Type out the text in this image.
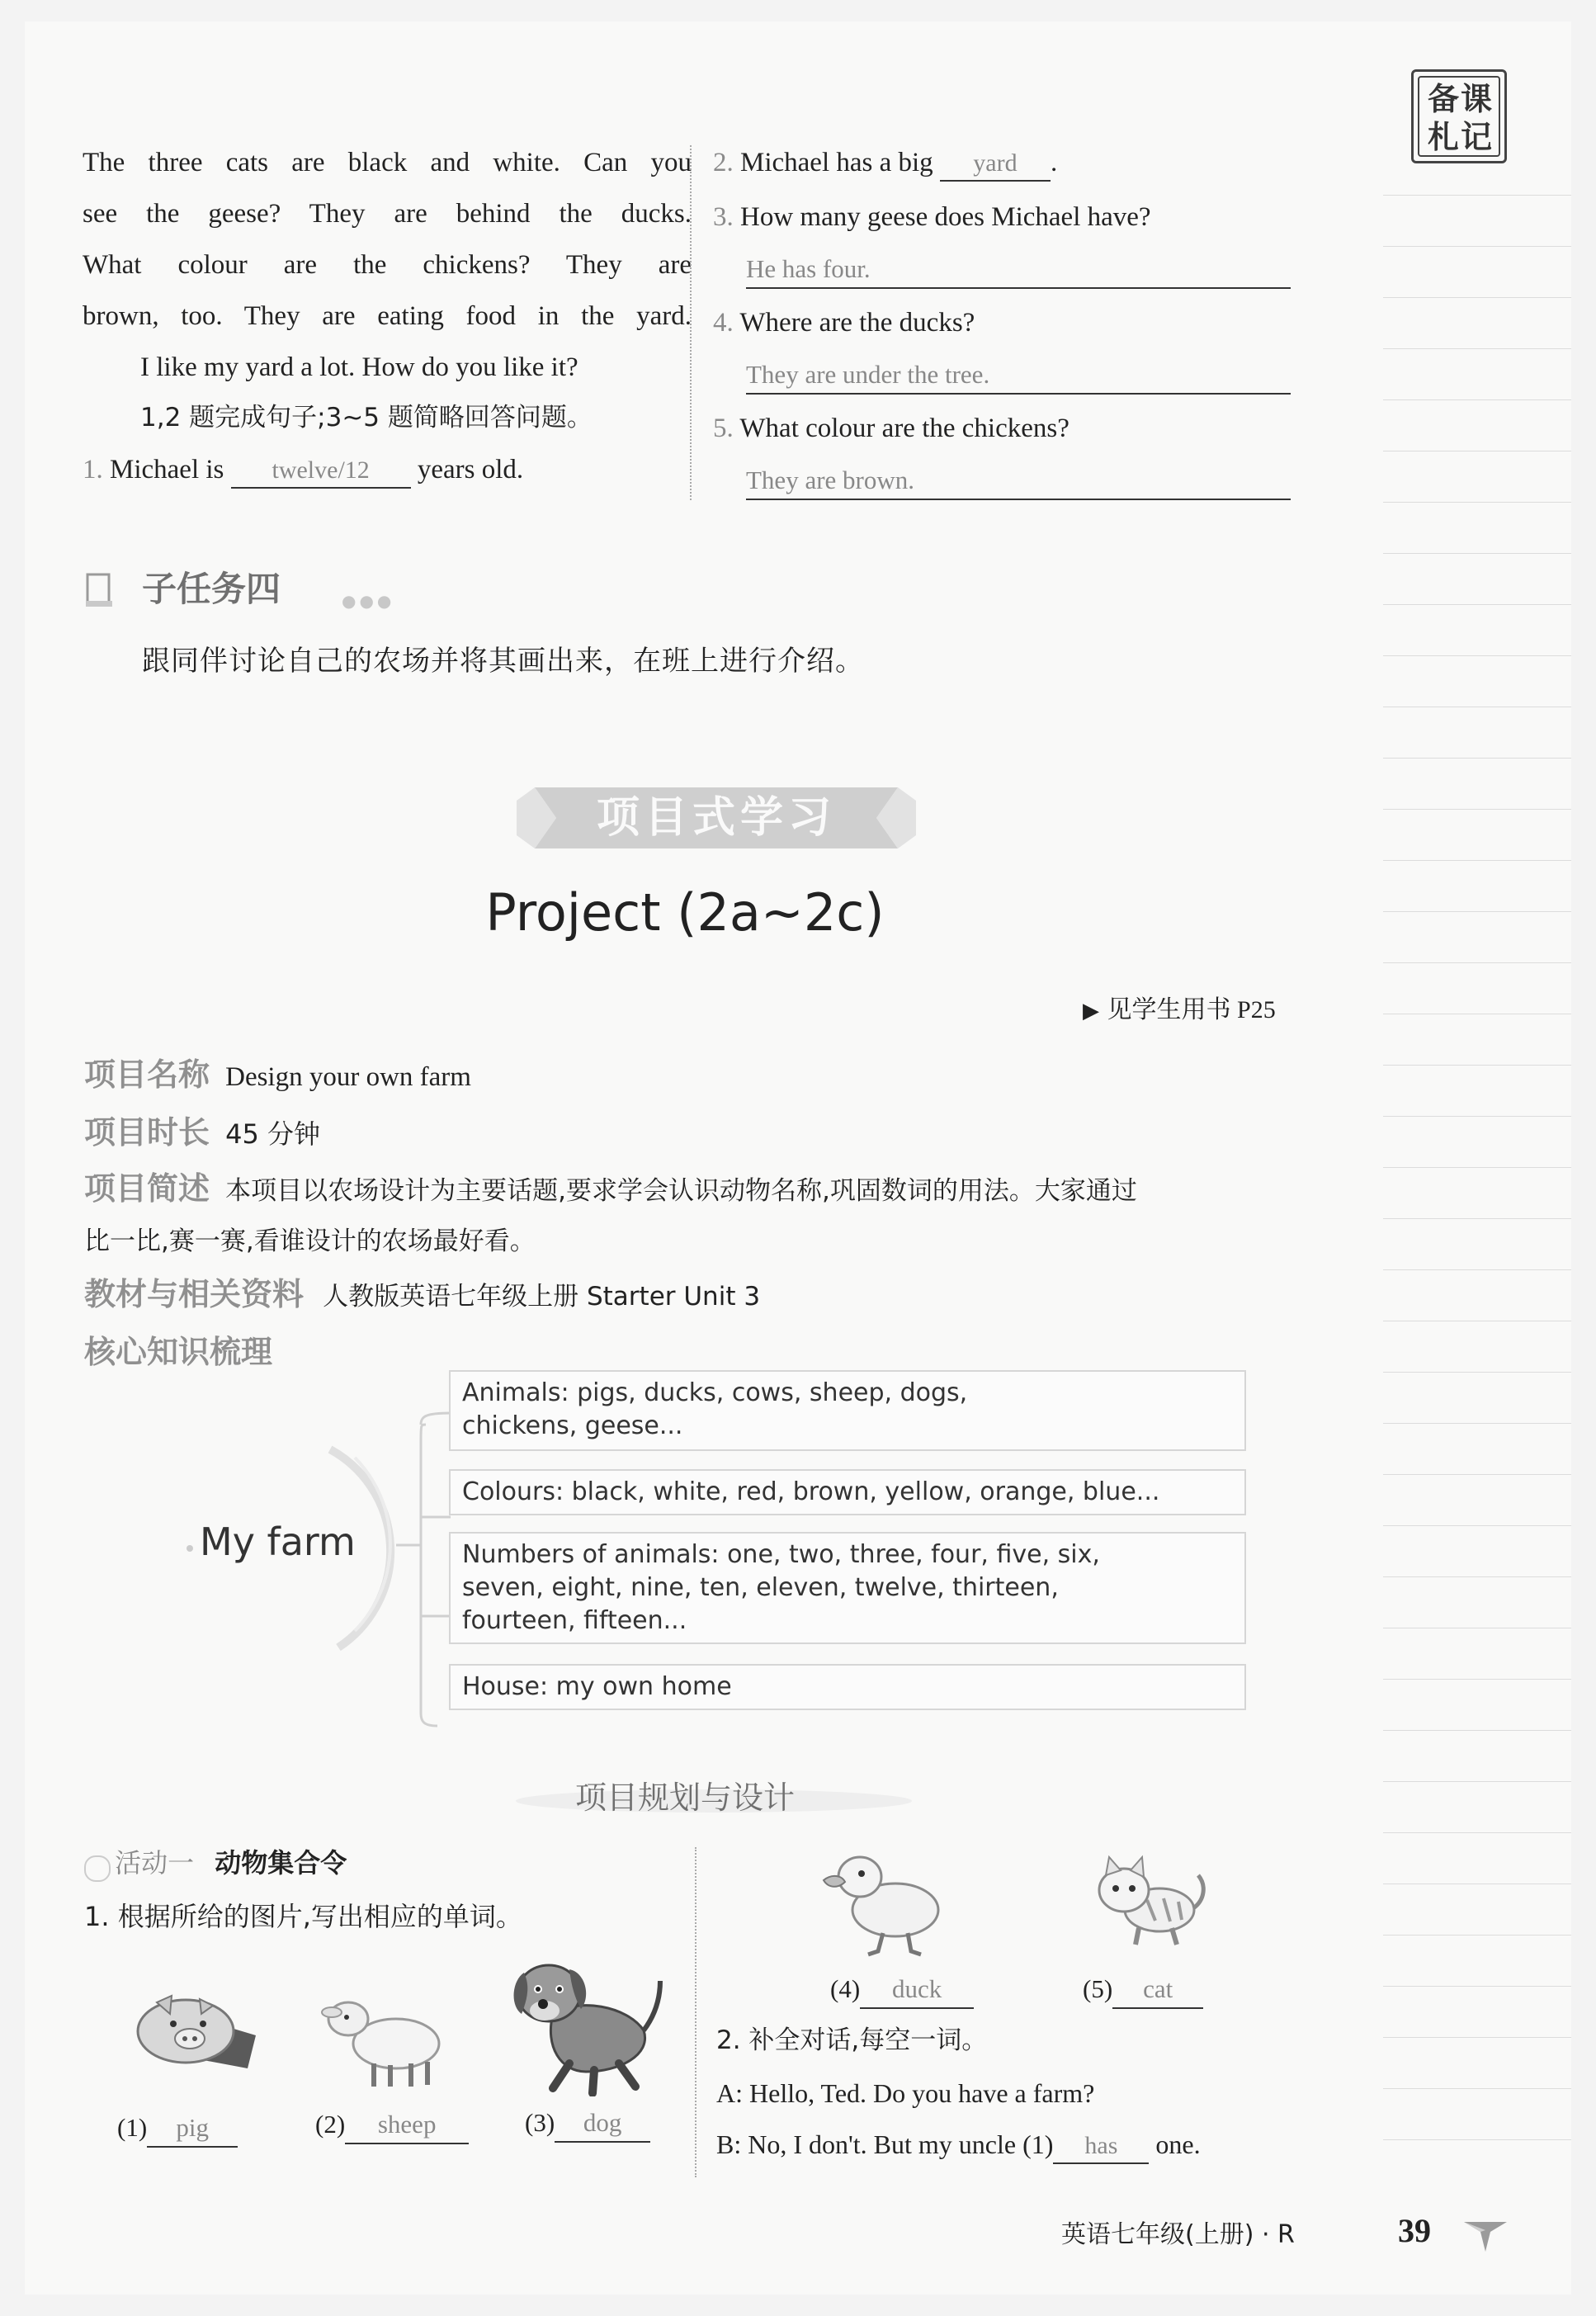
备课札记
The three cats are black and white. Can you
see the geese? They are behind the ducks.
What colour are the chickens? They are
brown, too. They are eating food in the yard.
I like my yard a lot. How do you like it?
1,2 题完成句子;3~5 题简略回答问题。
1. Michael is twelve/12 years old.
2. Michael has a big yard .
3. How many geese does Michael have?
He has four.
4. Where are the ducks?
They are under the tree.
5. What colour are the chickens?
They are brown.
子任务四	●●●
跟同伴讨论自己的农场并将其画出来，在班上进行介绍。
项目式学习
Project (2a~2c)
▶ 见学生用书 P25
项目名称 Design your own farm
项目时长 45 分钟
项目简述 本项目以农场设计为主要话题,要求学会认识动物名称,巩固数词的用法。大家通过
比一比,赛一赛,看谁设计的农场最好看。
教材与相关资料 人教版英语七年级上册 Starter Unit 3
核心知识梳理
My farm
Animals: pigs, ducks, cows, sheep, dogs,
chickens, geese...
Colours: black, white, red, brown, yellow, orange, blue...
Numbers of animals: one, two, three, four, five, six,
seven, eight, nine, ten, eleven, twelve, thirteen,
fourteen, fifteen...
House: my own home
项目规划与设计
活动一 动物集合令
1. 根据所给的图片,写出相应的单词。
(1) pig	(2) sheep	(3) dog
(4) duck	(5) cat
2. 补全对话,每空一词。
A: Hello, Ted. Do you have a farm?
B: No, I don't. But my uncle (1) has one.
英语七年级(上册) · R	39
